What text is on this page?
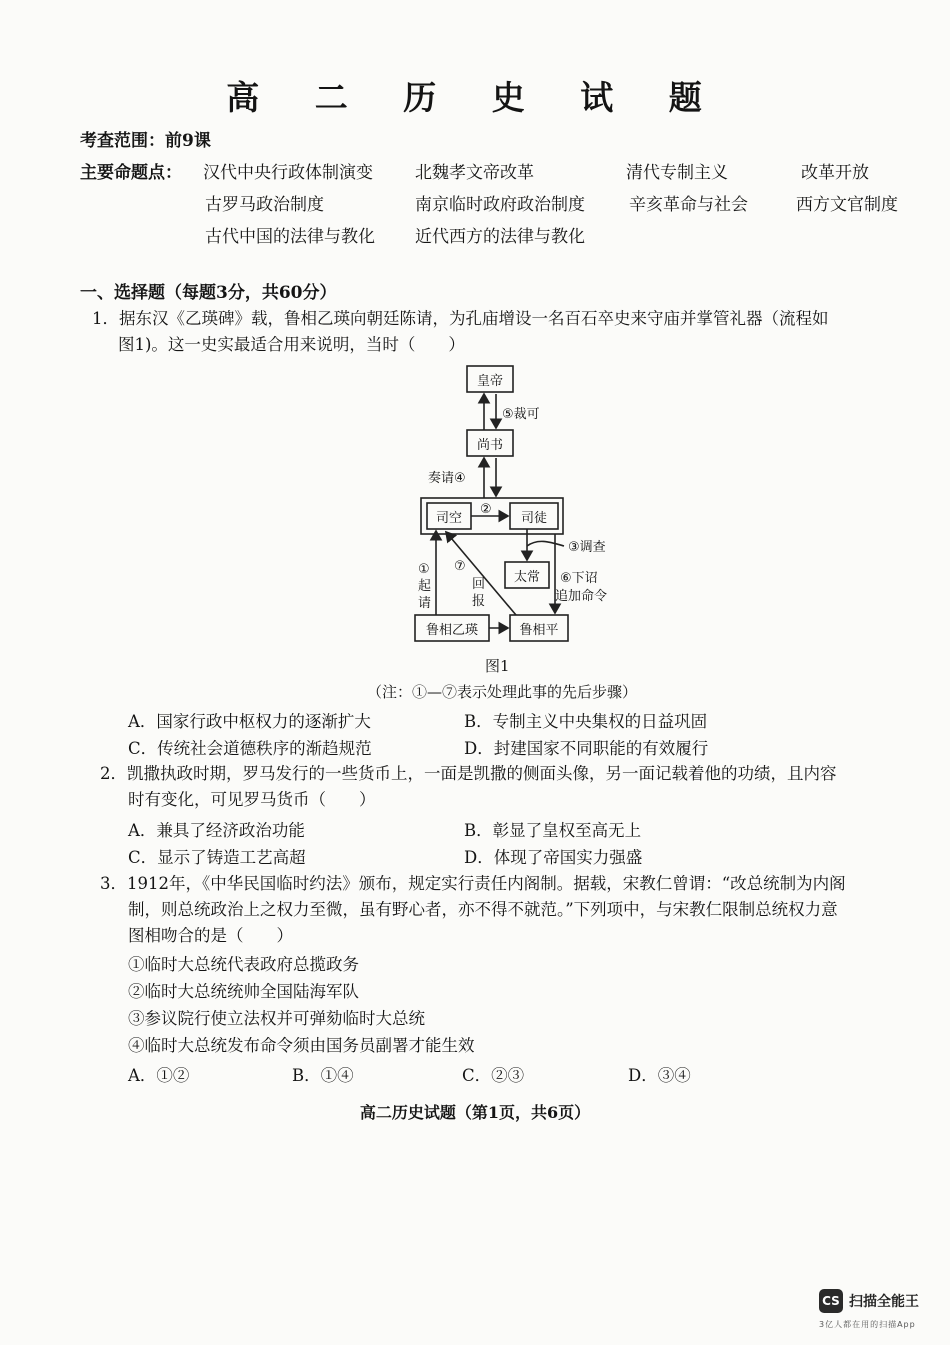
高 二 历 史 试 题
考查范围：前9课
主要命题点： 汉代中央行政体制演变 北魏孝文帝改革	清代专制主义	改革开放
古罗马政治制度	南京临时政府政治制度	辛亥革命与社会	西方文官制度
古代中国的法律与教化 近代西方的法律与教化
一、选择题（每题3分，共60分）
1．据东汉《乙瑛碑》载，鲁相乙瑛向朝廷陈请，为孔庙增设一名百石卒史来守庙并掌管礼器（流程如
图1)。这一史实最适合用来说明，当时（　　）
皇帝
尚书
司空	司徒
太常
鲁相乙瑛	鲁相平
⑤裁可
奏请④
②
③调查
⑥下诏
追加命令
①
起
请
⑦
回
报
图1
（注：①—⑦表示处理此事的先后步骤）
A．国家行政中枢权力的逐渐扩大	B．专制主义中央集权的日益巩固
C．传统社会道德秩序的渐趋规范	D．封建国家不同职能的有效履行
2．凯撒执政时期，罗马发行的一些货币上，一面是凯撒的侧面头像，另一面记载着他的功绩，且内容
时有变化，可见罗马货币（　　）
A．兼具了经济政治功能	B．彰显了皇权至高无上
C．显示了铸造工艺高超	D．体现了帝国实力强盛
3．1912年，《中华民国临时约法》颁布，规定实行责任内阁制。据载，宋教仁曾谓：“改总统制为内阁
制，则总统政治上之权力至微，虽有野心者，亦不得不就范。”下列项中，与宋教仁限制总统权力意
图相吻合的是（　　）
①临时大总统代表政府总揽政务
②临时大总统统帅全国陆海军队
③参议院行使立法权并可弹劾临时大总统
④临时大总统发布命令须由国务员副署才能生效
A．①②	B．①④	C．②③	D．③④
高二历史试题（第1页，共6页）
CS 扫描全能王
3亿人都在用的扫描App
